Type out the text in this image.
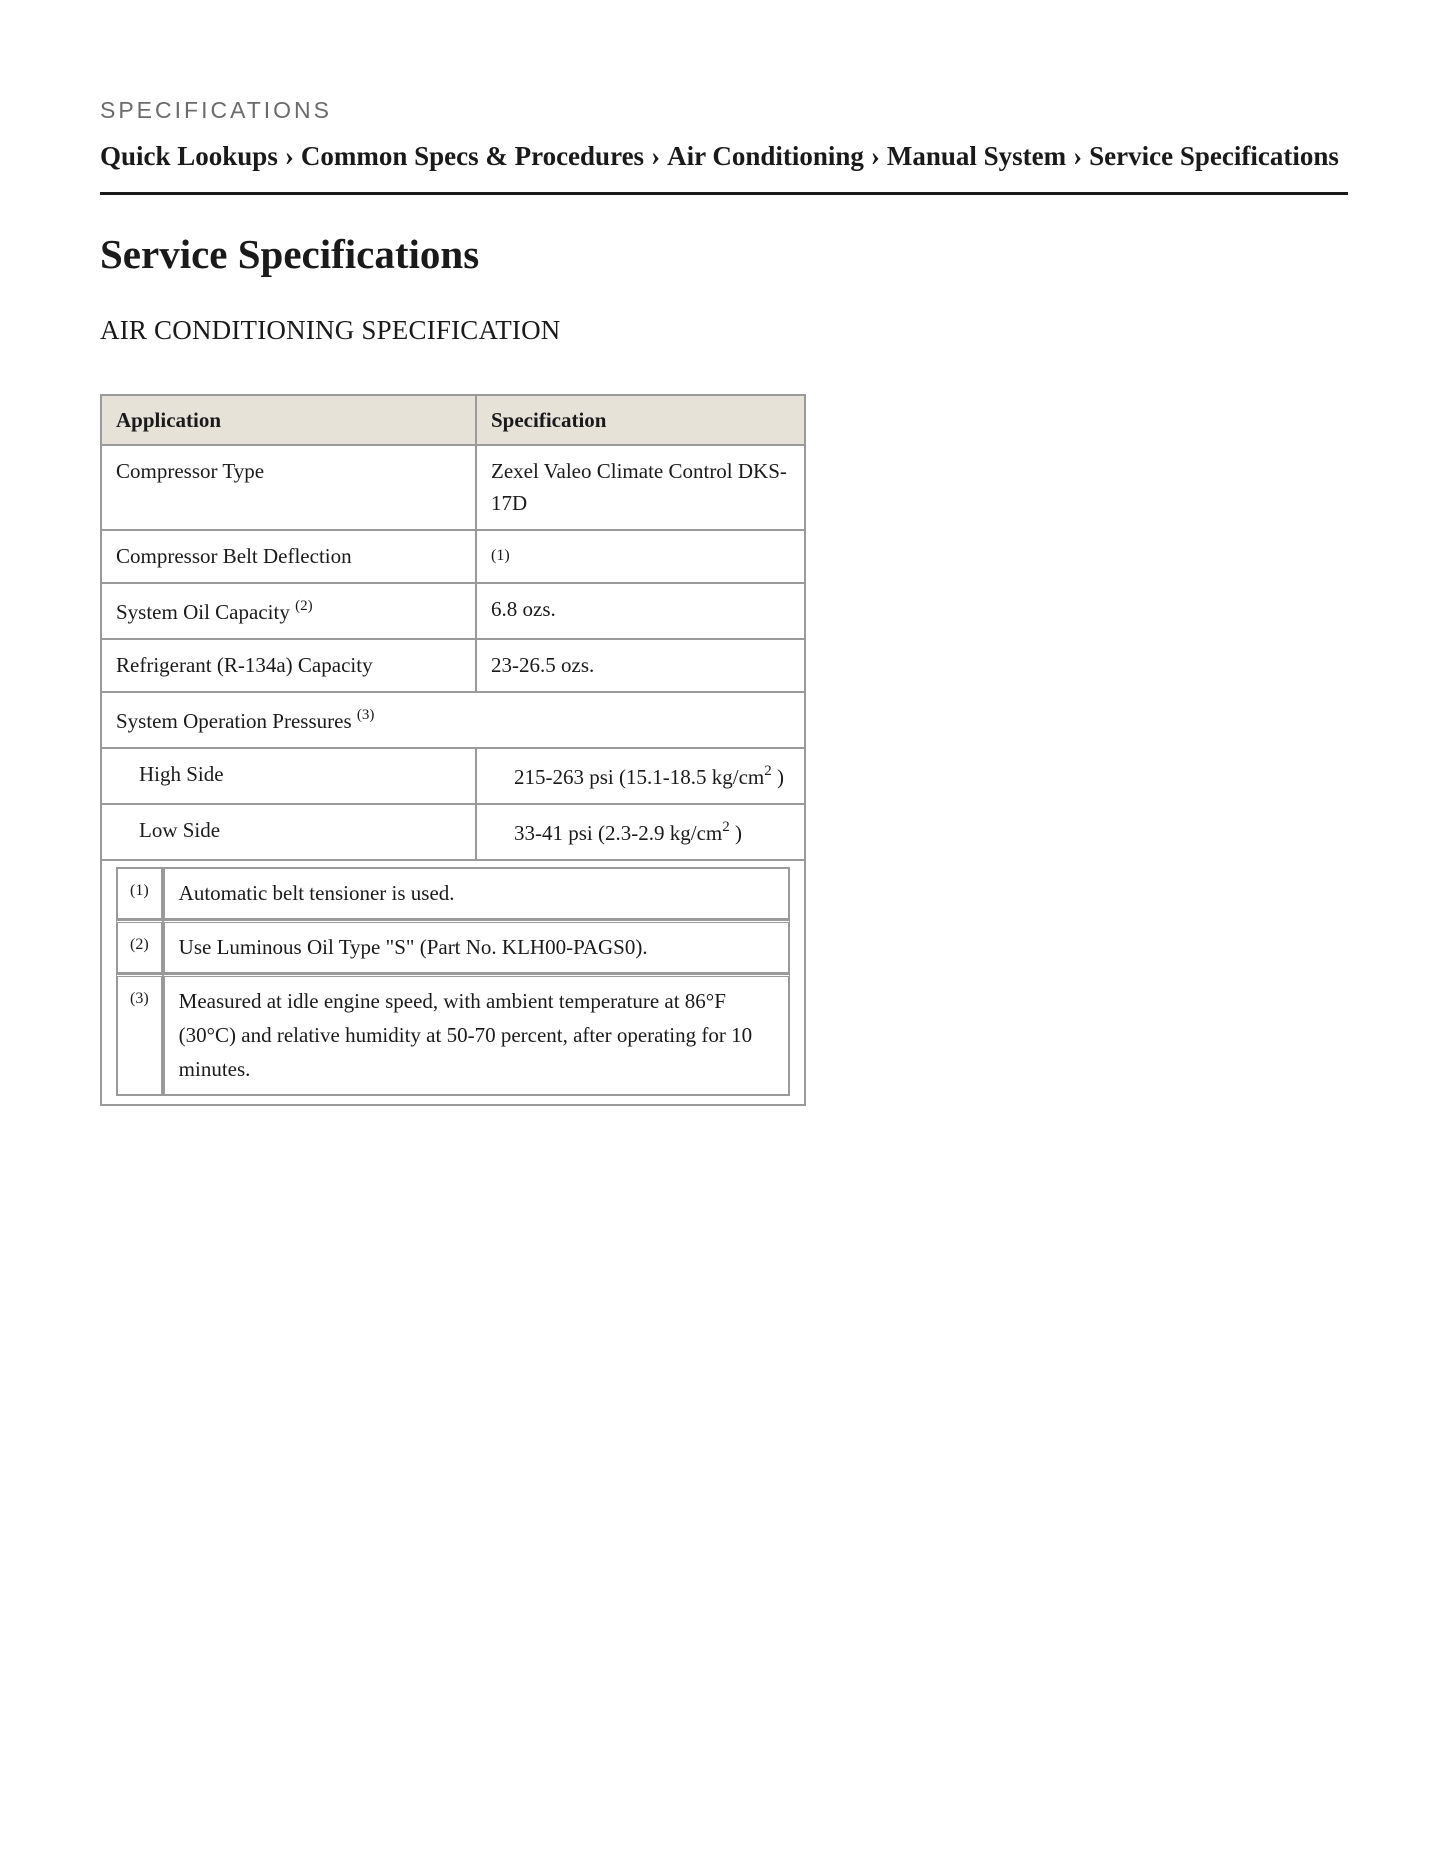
SPECIFICATIONS
Quick Lookups › Common Specs & Procedures › Air Conditioning › Manual System › Service Specifications
Service Specifications
AIR CONDITIONING SPECIFICATION
Application	Specification
Compressor Type	Zexel Valeo Climate Control DKS-17D
Compressor Belt Deflection	(1)
System Oil Capacity $^{(2)}$	6.8 ozs.
Refrigerant (R-134a) Capacity	23-26.5 ozs.
System Operation Pressures $^{(3)}$
High Side	215-263 psi (15.1-18.5 $kg/cm^2$ )
Low Side	33-41 psi (2.3-2.9 $kg/cm^2$ )

(1)	Automatic belt tensioner is used.
(2)	Use Luminous Oil Type "S" (Part No. KLH00-PAGS0).
(3)	Measured at idle engine speed, with ambient temperature at 86°F (30°C) and relative humidity at 50-70 percent, after operating for 10 minutes.
